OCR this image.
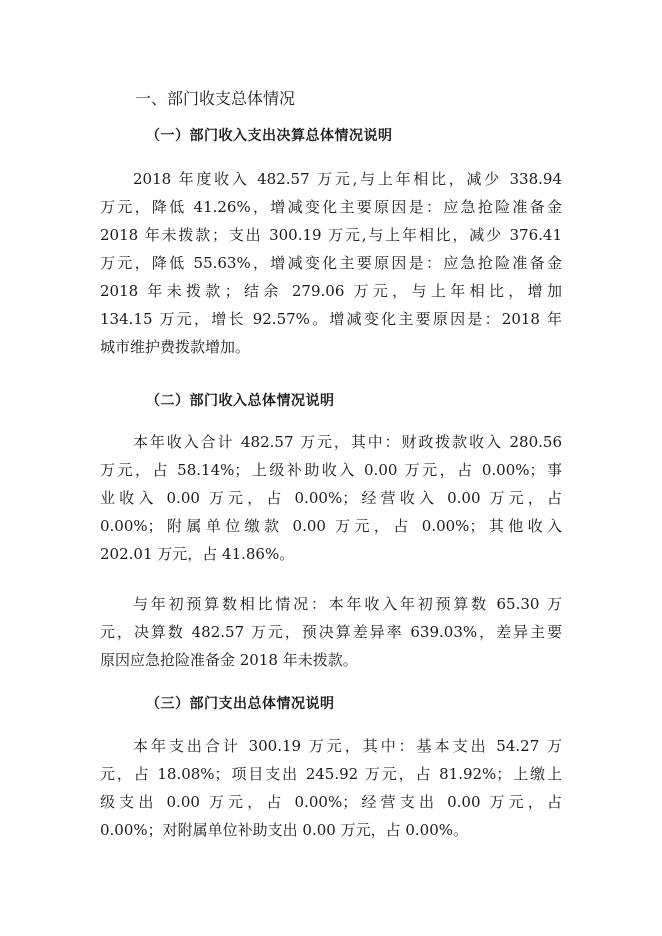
一、部门收支总体情况
（一）部门收入支出决算总体情况说明
2018 年度收入 482.57 万元,与上年相比，减少 338.94
万元，降低 41.26%，增减变化主要原因是：应急抢险准备金
2018 年未拨款；支出 300.19 万元,与上年相比，减少 376.41
万元，降低 55.63%，增减变化主要原因是：应急抢险准备金
2018 年未拨款；结余 279.06 万元，与上年相比，增加
134.15 万元，增长 92.57%。增减变化主要原因是：2018 年
城市维护费拨款增加。
（二）部门收入总体情况说明
本年收入合计 482.57 万元，其中：财政拨款收入 280.56
万元，占 58.14%；上级补助收入 0.00 万元，占 0.00%；事
业收入 0.00 万元，占 0.00%；经营收入 0.00 万元，占
0.00%；附属单位缴款 0.00 万元，占 0.00%；其他收入
202.01 万元，占 41.86%。
与年初预算数相比情况：本年收入年初预算数 65.30 万
元，决算数 482.57 万元，预决算差异率 639.03%，差异主要
原因应急抢险准备金 2018 年未拨款。
（三）部门支出总体情况说明
本年支出合计 300.19 万元，其中：基本支出 54.27 万
元，占 18.08%；项目支出 245.92 万元，占 81.92%；上缴上
级支出 0.00 万元，占 0.00%；经营支出 0.00 万元，占
0.00%；对附属单位补助支出 0.00 万元，占 0.00%。
